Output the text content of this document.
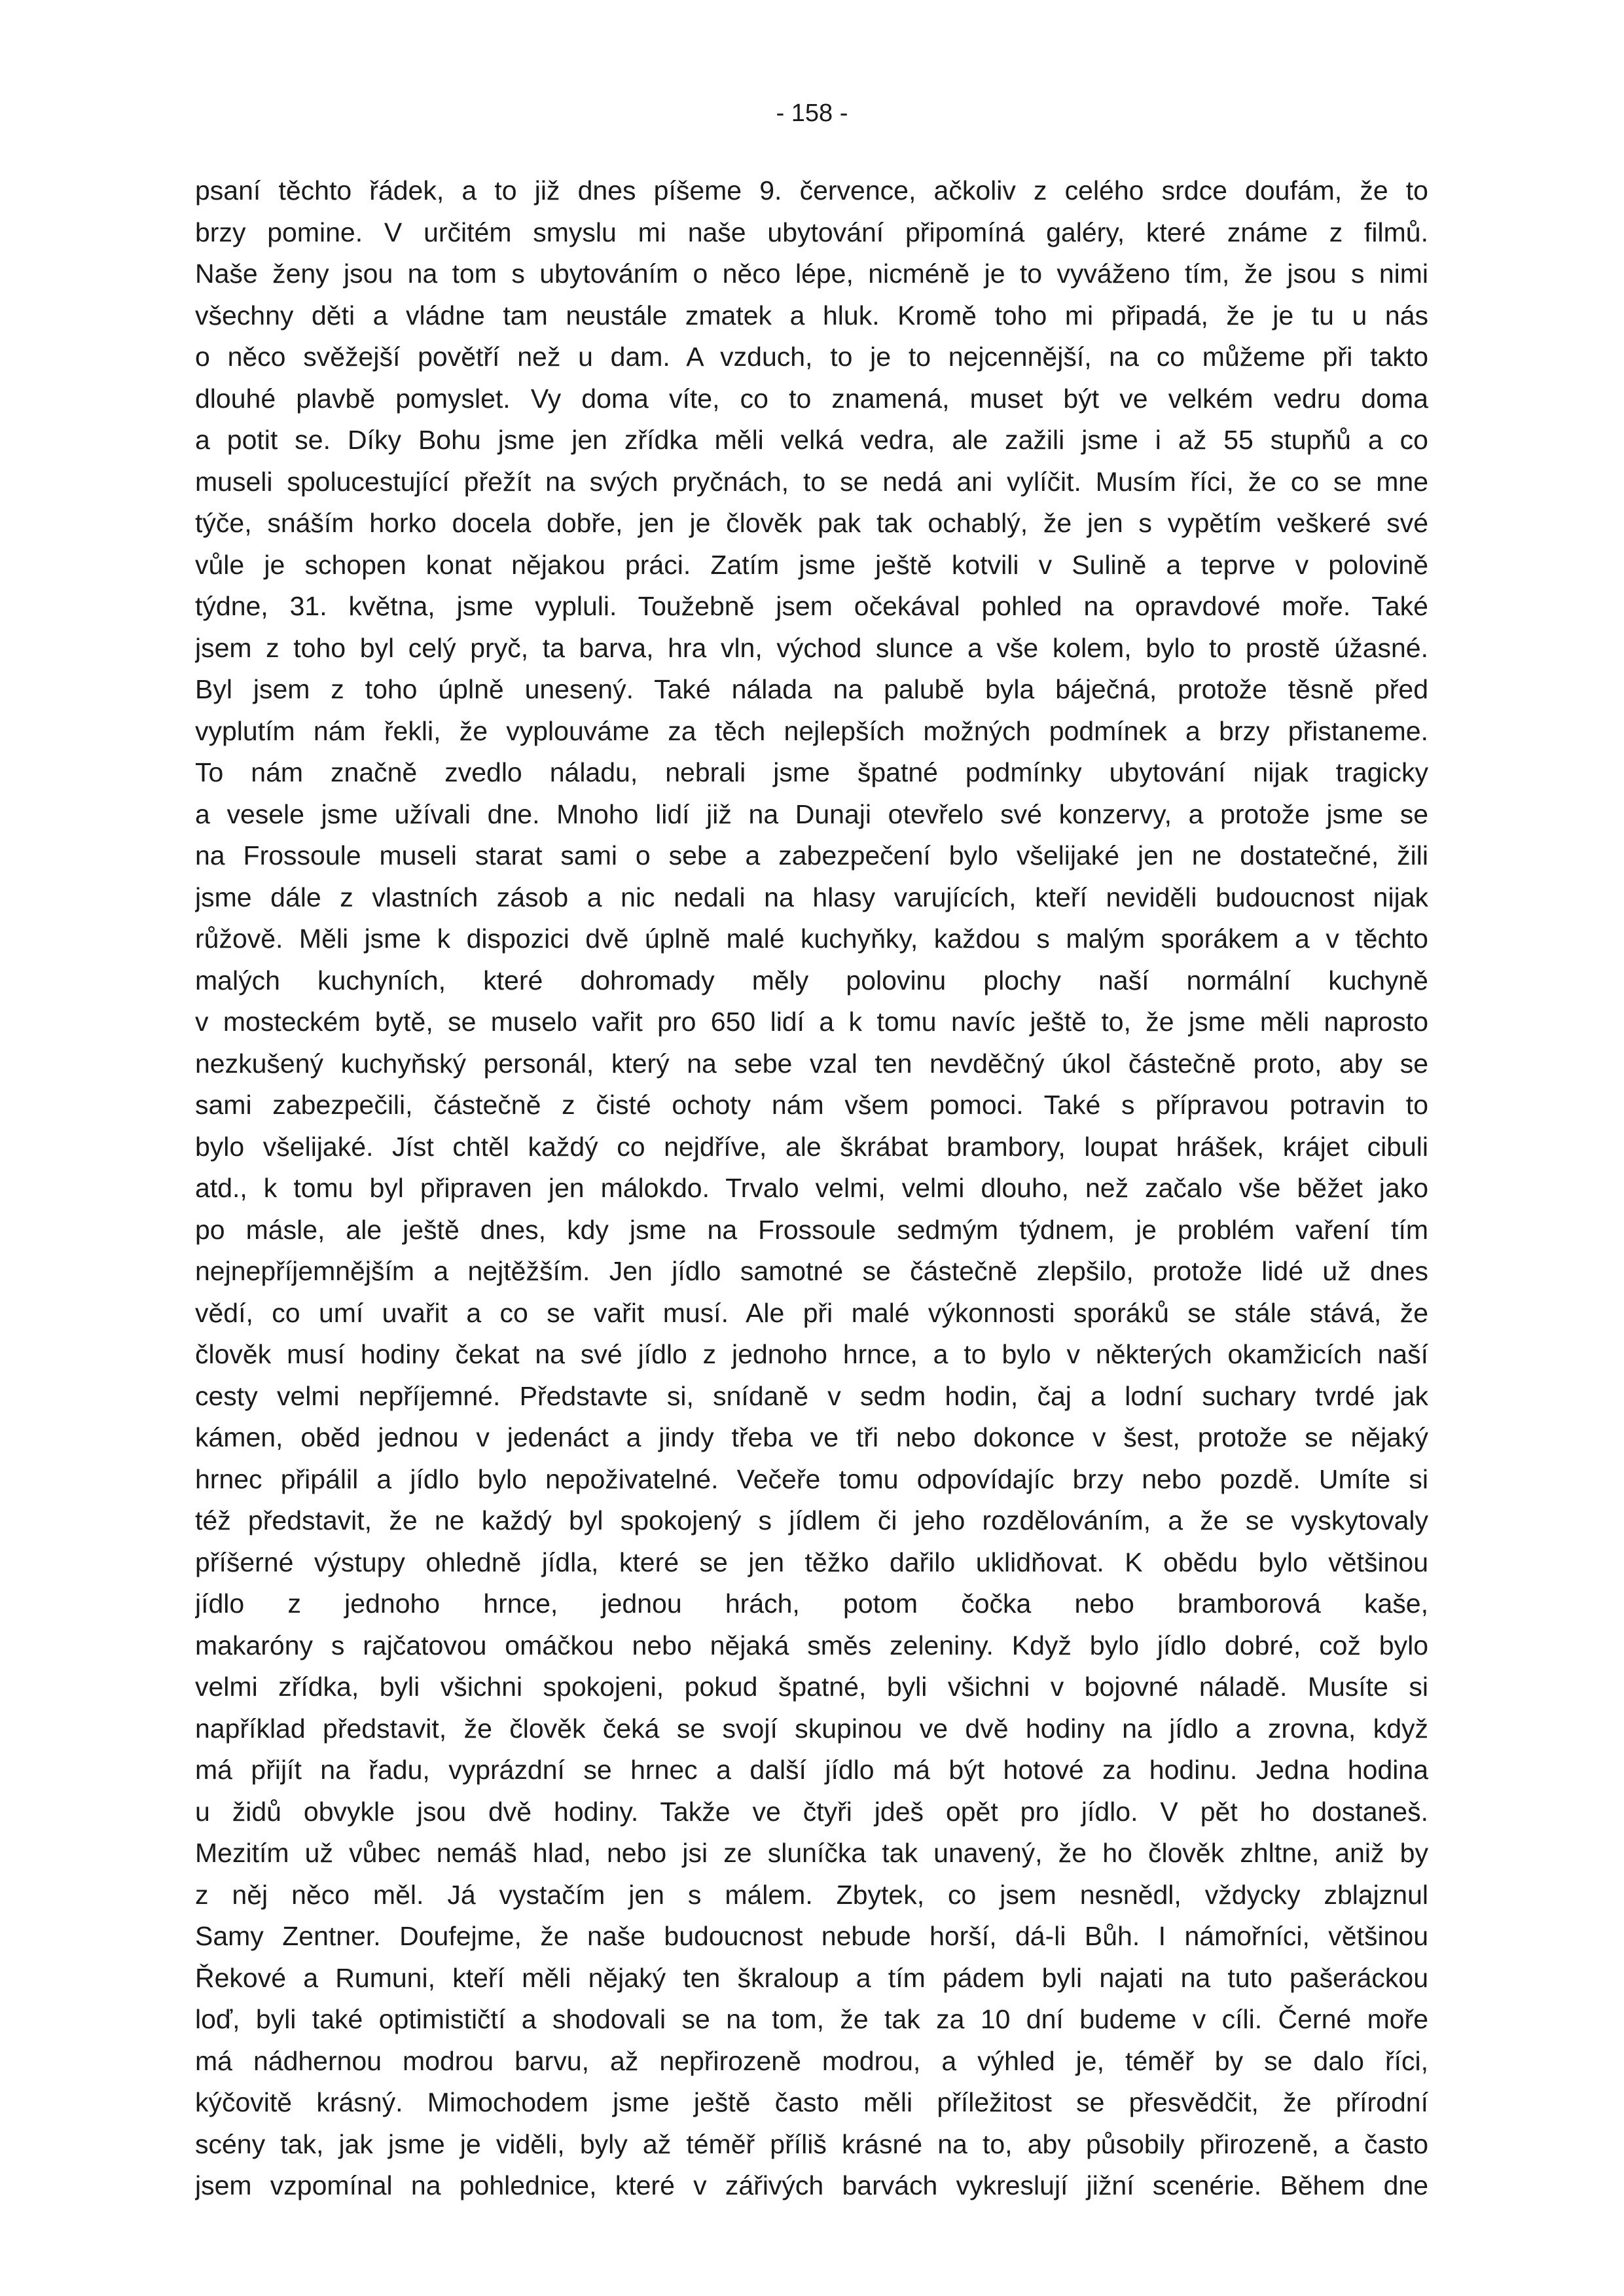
- 158 -
psaní těchto řádek, a to již dnes píšeme 9. července, ačkoliv z celého srdce doufám, že to
brzy pomine. V určitém smyslu mi naše ubytování připomíná galéry, které známe z filmů.
Naše ženy jsou na tom s ubytováním o něco lépe, nicméně je to vyváženo tím, že jsou s nimi
všechny děti a vládne tam neustále zmatek a hluk. Kromě toho mi připadá, že je tu u nás
o něco svěžejší povětří než u dam. A vzduch, to je to nejcennější, na co můžeme při takto
dlouhé plavbě pomyslet. Vy doma víte, co to znamená, muset být ve velkém vedru doma
a potit se. Díky Bohu jsme jen zřídka měli velká vedra, ale zažili jsme i až 55 stupňů a co
museli spolucestující přežít na svých pryčnách, to se nedá ani vylíčit. Musím říci, že co se mne
týče, snáším horko docela dobře, jen je člověk pak tak ochablý, že jen s vypětím veškeré své
vůle je schopen konat nějakou práci. Zatím jsme ještě kotvili v Sulině a teprve v polovině
týdne, 31. května, jsme vypluli. Toužebně jsem očekával pohled na opravdové moře. Také
jsem z toho byl celý pryč, ta barva, hra vln, východ slunce a vše kolem, bylo to prostě úžasné.
Byl jsem z toho úplně unesený. Také nálada na palubě byla báječná, protože těsně před
vyplutím nám řekli, že vyplouváme za těch nejlepších možných podmínek a brzy přistaneme.
To nám značně zvedlo náladu, nebrali jsme špatné podmínky ubytování nijak tragicky
a vesele jsme užívali dne. Mnoho lidí již na Dunaji otevřelo své konzervy, a protože jsme se
na Frossoule museli starat sami o sebe a zabezpečení bylo všelijaké jen ne dostatečné, žili
jsme dále z vlastních zásob a nic nedali na hlasy varujících, kteří neviděli budoucnost nijak
růžově. Měli jsme k dispozici dvě úplně malé kuchyňky, každou s malým sporákem a v těchto
malých kuchyních, které dohromady měly polovinu plochy naší normální kuchyně
v mosteckém bytě, se muselo vařit pro 650 lidí a k tomu navíc ještě to, že jsme měli naprosto
nezkušený kuchyňský personál, který na sebe vzal ten nevděčný úkol částečně proto, aby se
sami zabezpečili, částečně z čisté ochoty nám všem pomoci. Také s přípravou potravin to
bylo všelijaké. Jíst chtěl každý co nejdříve, ale škrábat brambory, loupat hrášek, krájet cibuli
atd., k tomu byl připraven jen málokdo. Trvalo velmi, velmi dlouho, než začalo vše běžet jako
po másle, ale ještě dnes, kdy jsme na Frossoule sedmým týdnem, je problém vaření tím
nejnepříjemnějším a nejtěžším. Jen jídlo samotné se částečně zlepšilo, protože lidé už dnes
vědí, co umí uvařit a co se vařit musí. Ale při malé výkonnosti sporáků se stále stává, že
člověk musí hodiny čekat na své jídlo z jednoho hrnce, a to bylo v některých okamžicích naší
cesty velmi nepříjemné. Představte si, snídaně v sedm hodin, čaj a lodní suchary tvrdé jak
kámen, oběd jednou v jedenáct a jindy třeba ve tři nebo dokonce v šest, protože se nějaký
hrnec připálil a jídlo bylo nepoživatelné. Večeře tomu odpovídajíc brzy nebo pozdě. Umíte si
též představit, že ne každý byl spokojený s jídlem či jeho rozdělováním, a že se vyskytovaly
příšerné výstupy ohledně jídla, které se jen těžko dařilo uklidňovat. K obědu bylo většinou
jídlo z jednoho hrnce, jednou hrách, potom čočka nebo bramborová kaše,
makaróny s rajčatovou omáčkou nebo nějaká směs zeleniny. Když bylo jídlo dobré, což bylo
velmi zřídka, byli všichni spokojeni, pokud špatné, byli všichni v bojovné náladě. Musíte si
například představit, že člověk čeká se svojí skupinou ve dvě hodiny na jídlo a zrovna, když
má přijít na řadu, vyprázdní se hrnec a další jídlo má být hotové za hodinu. Jedna hodina
u židů obvykle jsou dvě hodiny. Takže ve čtyři jdeš opět pro jídlo. V pět ho dostaneš.
Mezitím už vůbec nemáš hlad, nebo jsi ze sluníčka tak unavený, že ho člověk zhltne, aniž by
z něj něco měl. Já vystačím jen s málem. Zbytek, co jsem nesnědl, vždycky zblajznul
Samy Zentner. Doufejme, že naše budoucnost nebude horší, dá-li Bůh. I námořníci, většinou
Řekové a Rumuni, kteří měli nějaký ten škraloup a tím pádem byli najati na tuto pašeráckou
loď, byli také optimističtí a shodovali se na tom, že tak za 10 dní budeme v cíli. Černé moře
má nádhernou modrou barvu, až nepřirozeně modrou, a výhled je, téměř by se dalo říci,
kýčovitě krásný. Mimochodem jsme ještě často měli příležitost se přesvědčit, že přírodní
scény tak, jak jsme je viděli, byly až téměř příliš krásné na to, aby působily přirozeně, a často
jsem vzpomínal na pohlednice, které v zářivých barvách vykreslují jižní scenérie. Během dne
